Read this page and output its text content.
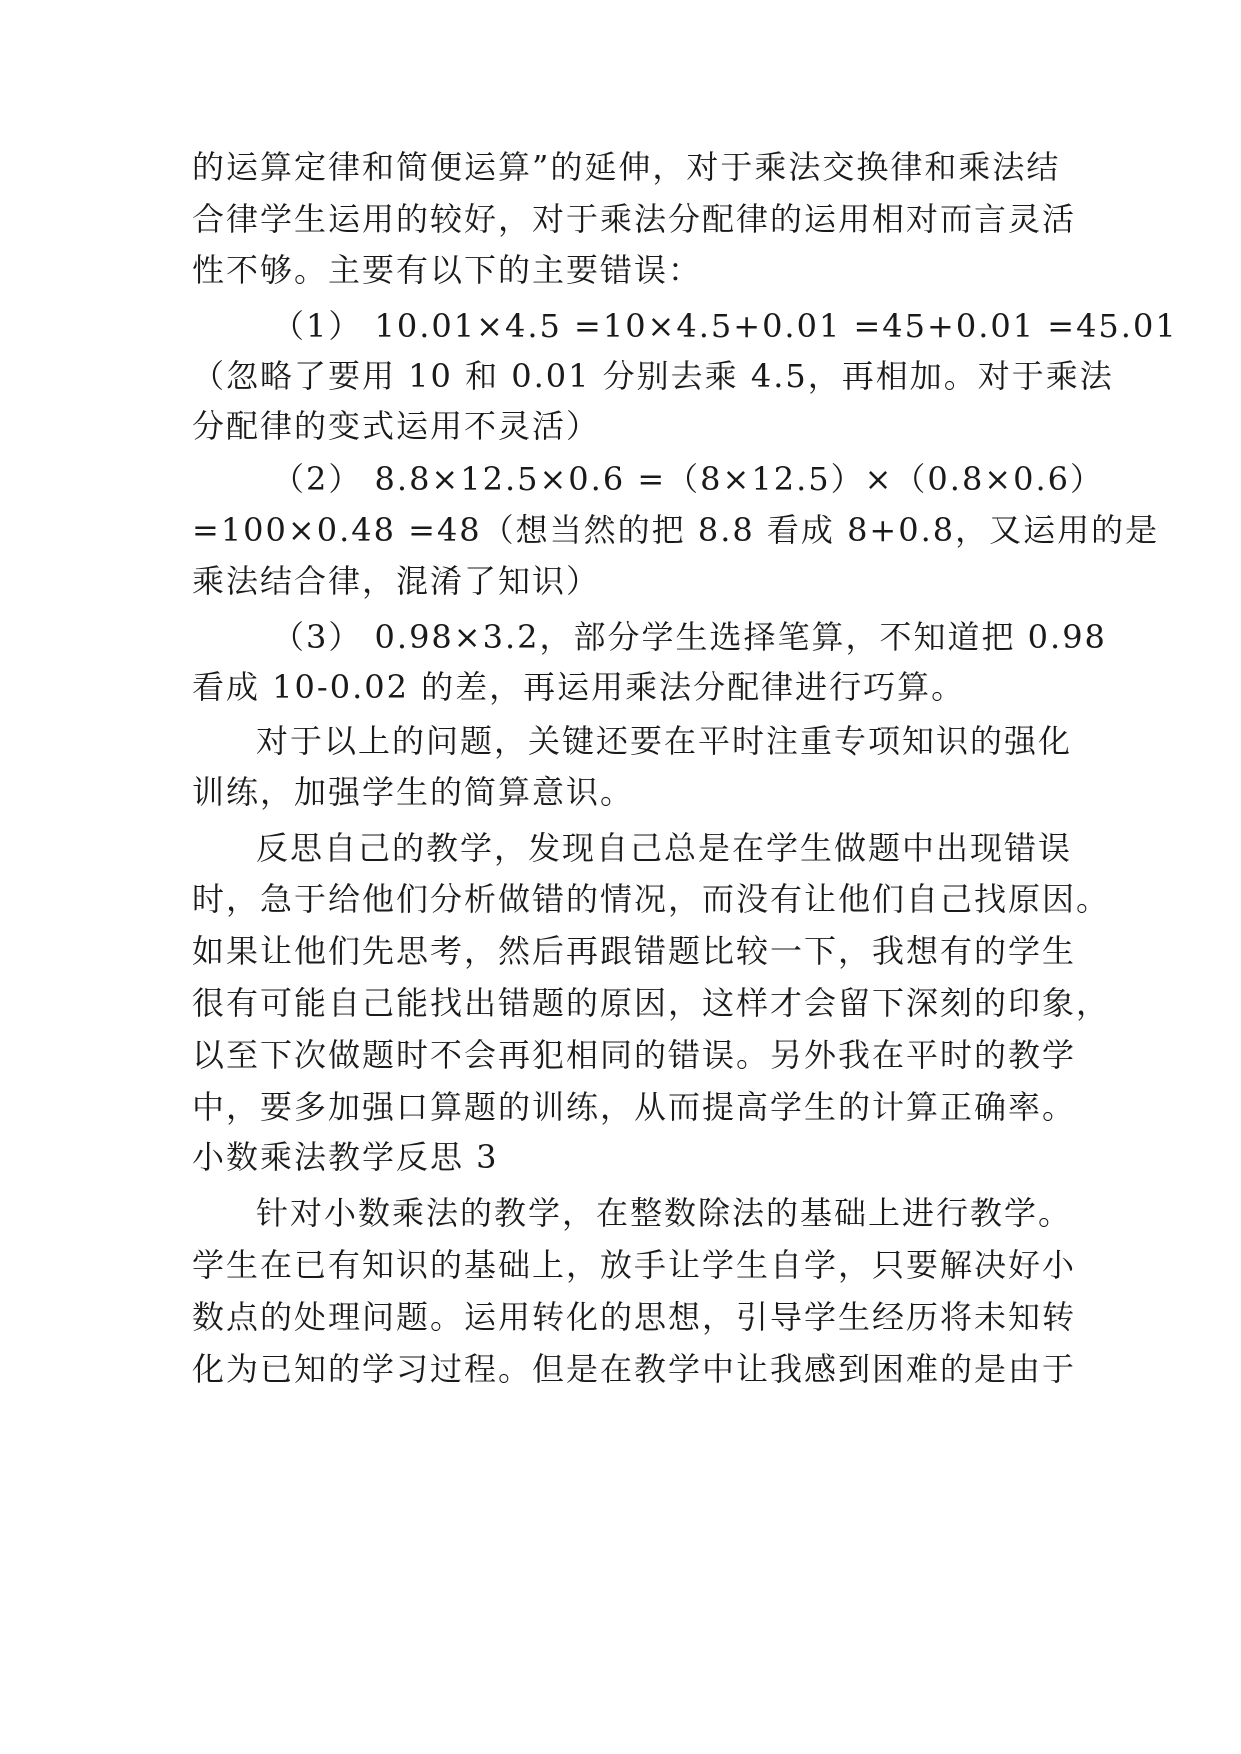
的运算定律和简便运算”的延伸，对于乘法交换律和乘法结
合律学生运用的较好，对于乘法分配律的运用相对而言灵活
性不够。主要有以下的主要错误：
（1） 10.01×4.5 =10×4.5+0.01 =45+0.01 =45.01
（忽略了要用 10 和 0.01 分别去乘 4.5，再相加。对于乘法
分配律的变式运用不灵活）
（2） 8.8×12.5×0.6 =（8×12.5）×（0.8×0.6）
=100×0.48 =48（想当然的把 8.8 看成 8+0.8，又运用的是
乘法结合律，混淆了知识）
（3） 0.98×3.2，部分学生选择笔算，不知道把 0.98
看成 10-0.02 的差，再运用乘法分配律进行巧算。
对于以上的问题，关键还要在平时注重专项知识的强化
训练，加强学生的简算意识。
反思自己的教学，发现自己总是在学生做题中出现错误
时，急于给他们分析做错的情况，而没有让他们自己找原因。
如果让他们先思考，然后再跟错题比较一下，我想有的学生
很有可能自己能找出错题的原因，这样才会留下深刻的印象，
以至下次做题时不会再犯相同的错误。另外我在平时的教学
中，要多加强口算题的训练，从而提高学生的计算正确率。
小数乘法教学反思 3
针对小数乘法的教学，在整数除法的基础上进行教学。
学生在已有知识的基础上，放手让学生自学，只要解决好小
数点的处理问题。运用转化的思想，引导学生经历将未知转
化为已知的学习过程。但是在教学中让我感到困难的是由于
